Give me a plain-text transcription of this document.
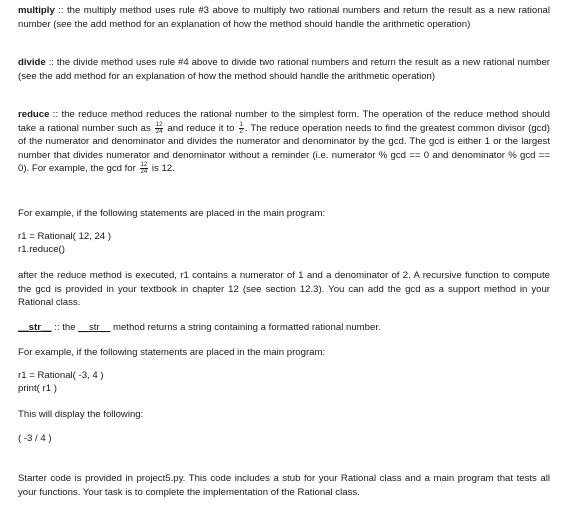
multiply :: the multiply method uses rule #3 above to multiply two rational numbers and return the result as a new rational number (see the add method for an explanation of how the method should handle the arithmetic operation)
divide :: the divide method uses rule #4 above to divide two rational numbers and return the result as a new rational number (see the add method for an explanation of how the method should handle the arithmetic operation)
reduce :: the reduce method reduces the rational number to the simplest form. The operation of the reduce method should take a rational number such as $\frac{12}{24}$ and reduce it to $\frac{1}{2}$ . The reduce operation needs to find the greatest common divisor (gcd) of the numerator and denominator and divides the numerator and denominator by the gcd. The gcd is either 1 or the largest number that divides numerator and denominator without a reminder (i.e. numerator % gcd == 0 and denominator % gcd == 0). For example, the gcd for $\frac{12}{24}$ is 12.
For example, if the following statements are placed in the main program:
r1 = Rational( 12, 24 )
r1.reduce()
after the reduce method is executed, r1 contains a numerator of 1 and a denominator of 2. A recursive function to compute the gcd is provided in your textbook in chapter 12 (see section 12.3). You can add the gcd as a support method in your Rational class.
__str__ :: the __str__ method returns a string containing a formatted rational number.
For example, if the following statements are placed in the main program:
r1 = Rational( -3, 4 )
print( r1 )
This will display the following:
( -3 / 4 )
Starter code is provided in project5.py. This code includes a stub for your Rational class and a main program that tests all your functions. Your task is to complete the implementation of the Rational class.
